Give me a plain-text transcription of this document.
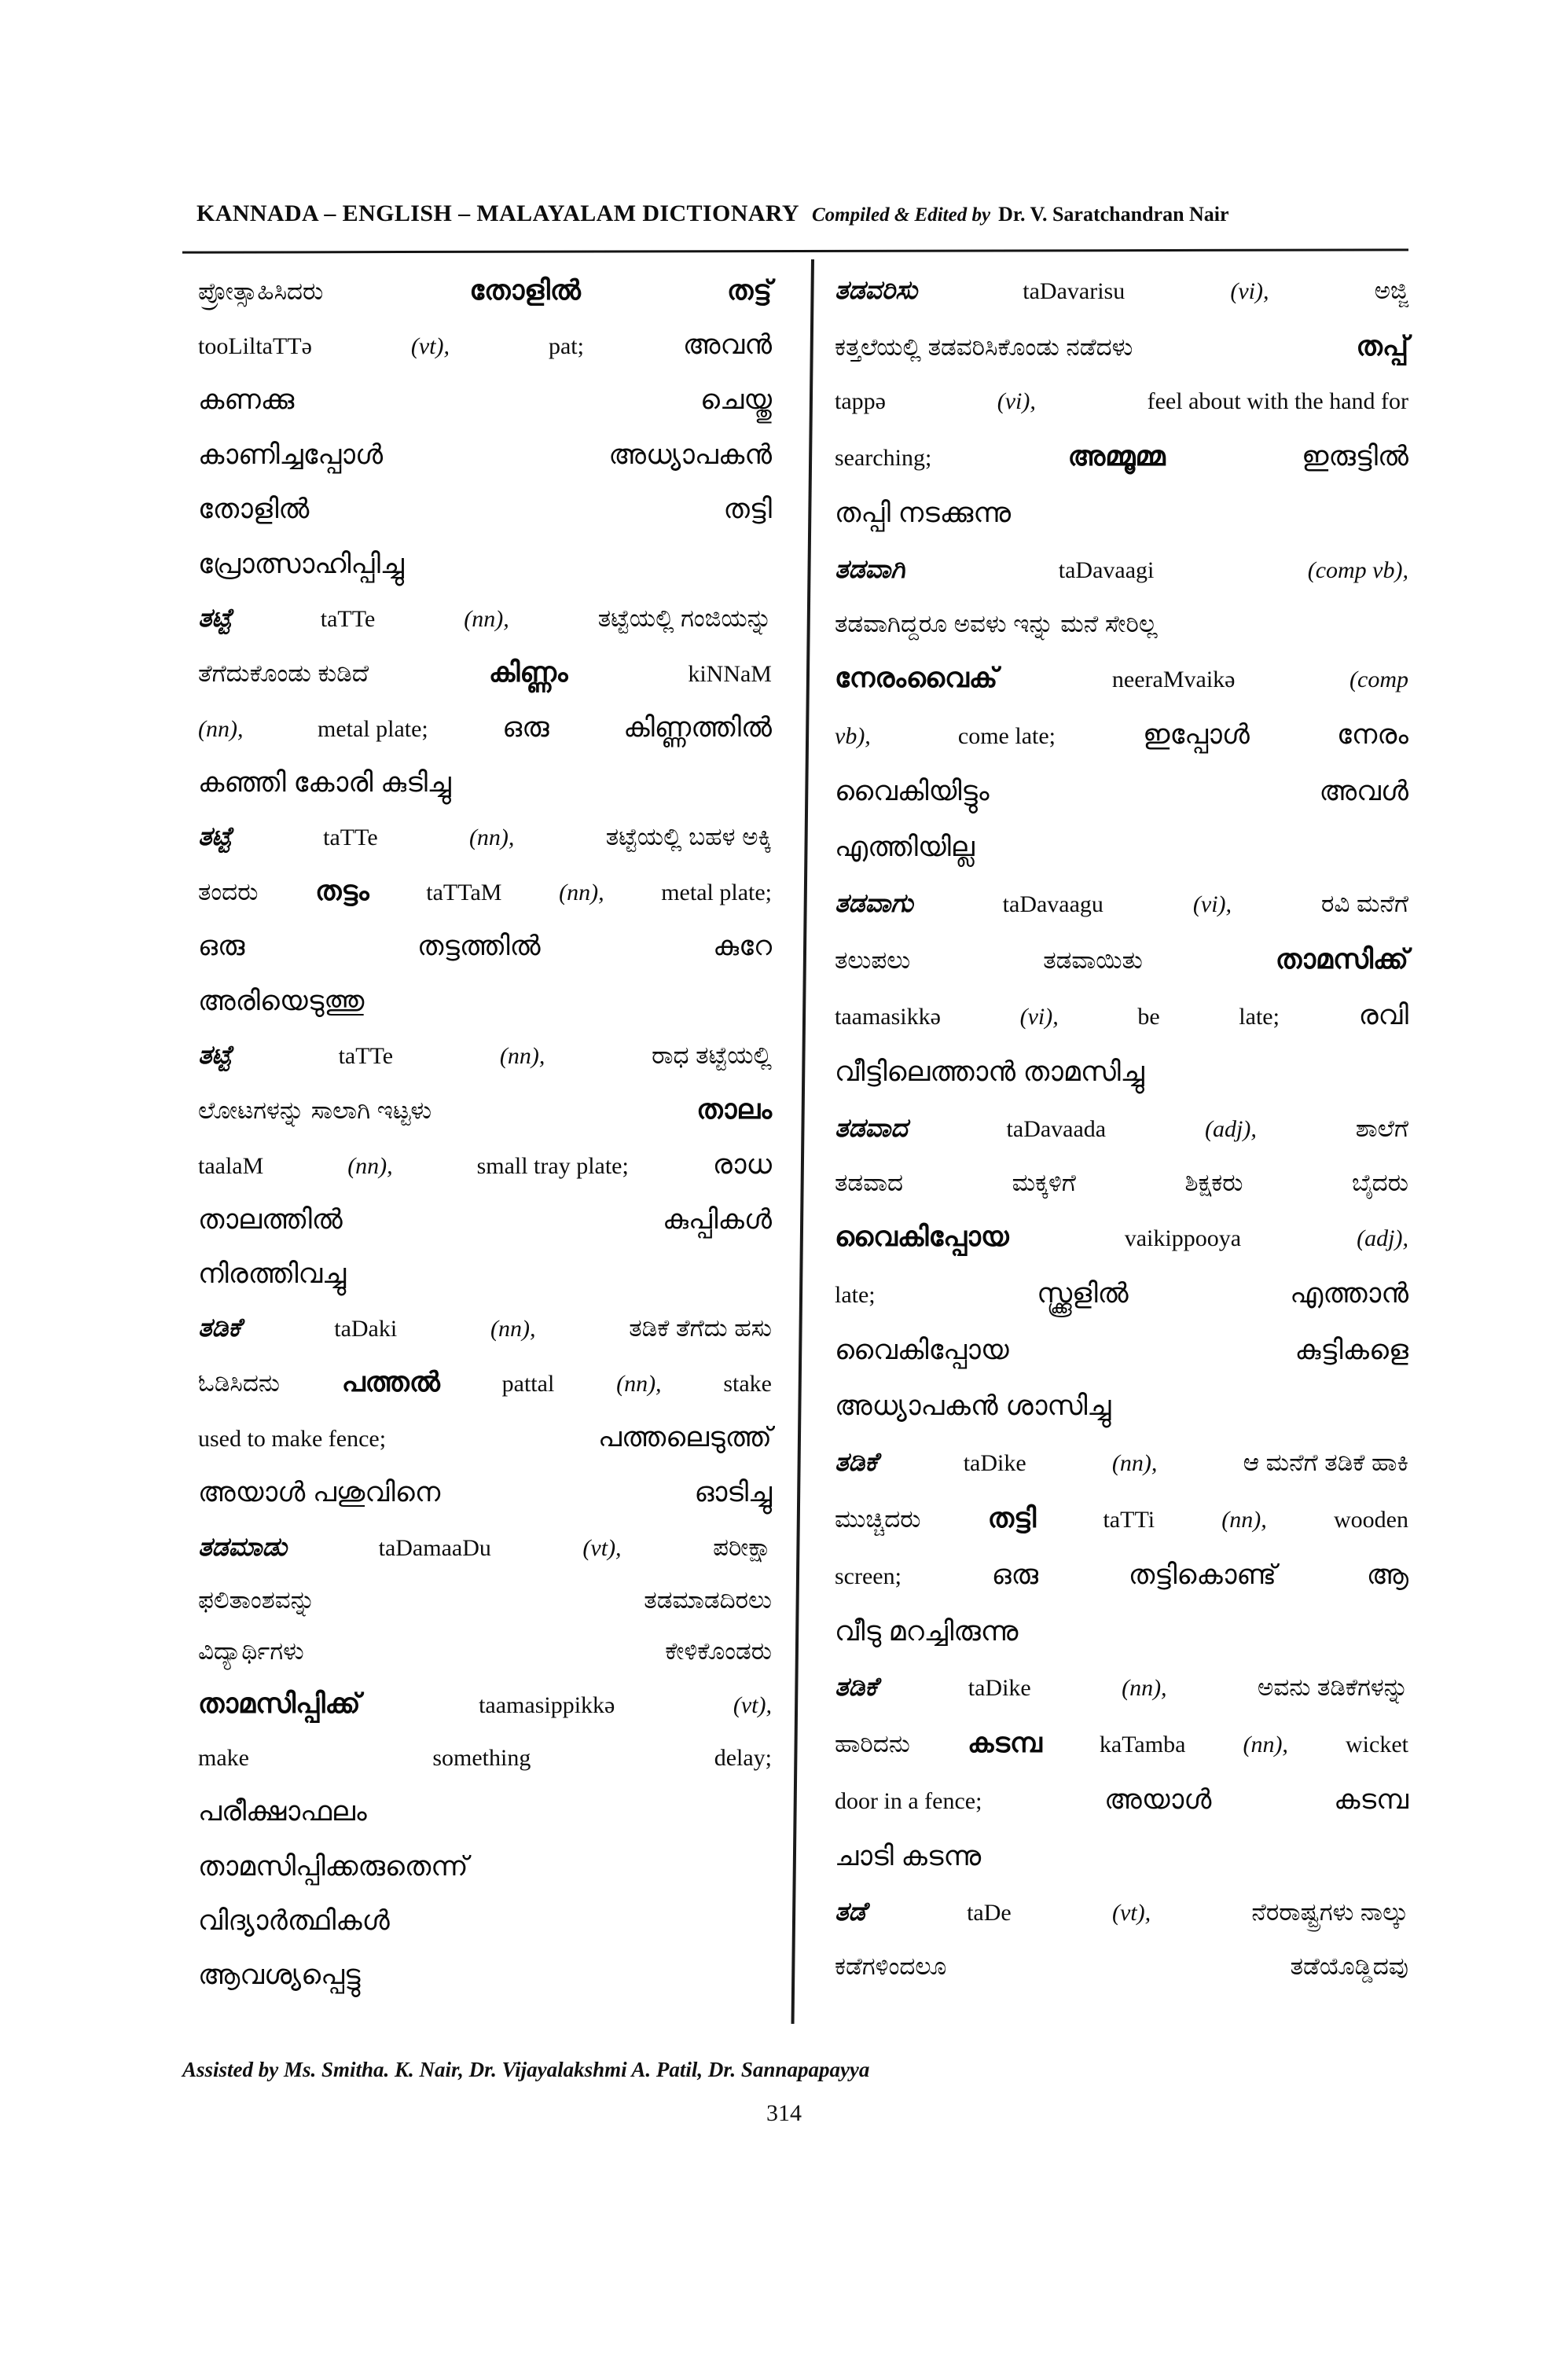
KANNADA – ENGLISH – MALAYALAM DICTIONARY Compiled & Edited by Dr. V. Saratchandran Nair
ಪ್ರೋತ್ಸಾಹಿಸಿದರು	തോളിൽ	തട്ട്
tooLiltaTTə	(vt),	pat;	അവൻ
കണക്കു	ചെയ്തു
കാണിച്ചപ്പോൾ	അധ്യാപകൻ
തോളിൽ	തട്ടി
പ്രോത്സാഹിപ്പിച്ചു
ತಟ್ಟೆ	taTTe	(nn),	ತಟ್ಟೆಯಲ್ಲಿ ಗಂಜಿಯನ್ನು
ತೆಗೆದುಕೊಂಡು ಕುಡಿದೆ	കിണ്ണം	kiNNaM
(nn),	metal plate;	ഒരു	കിണ്ണത്തിൽ
കഞ്ഞി കോരി കുടിച്ചു
ತಟ್ಟೆ	taTTe	(nn),	ತಟ್ಟೆಯಲ್ಲಿ ಬಹಳ ಅಕ್ಕಿ
ತಂದರು തട്ടം taTTaM (nn), metal plate;
ഒരു	തട്ടത്തിൽ	കുറേ
അരിയെടുത്തു
ತಟ್ಟೆ	taTTe	(nn),	ರಾಧ ತಟ್ಟೆಯಲ್ಲಿ
ಲೋಟಗಳನ್ನು ಸಾಲಾಗಿ ಇಟ್ಟಳು	താലം
taalaM	(nn),	small tray plate;	രാധ
താലത്തിൽ	കുപ്പികൾ
നിരത്തിവച്ചു
ತಡಿಕೆ	taDaki	(nn),	ತಡಿಕೆ ತೆಗೆದು ಹಸು
ಓಡಿಸಿದನು പത്തൽ	pattal	(nn),	stake
used to make fence;	പത്തലെടുത്ത്
അയാൾ പശുവിനെ	ഓടിച്ചു
ತಡಮಾಡು	taDamaaDu	(vt),	ಪರೀಕ್ಷಾ
ಫಲಿತಾಂಶವನ್ನು	ತಡಮಾಡದಿರಲು
ವಿದ್ಯಾರ್ಥಿಗಳು	ಕೇಳಿಕೊಂಡರು
താമസിപ്പിക്ക്	taamasippikkə	(vt),
make	something	delay;
പരീക്ഷാഫലം
താമസിപ്പിക്കരുതെന്ന്
വിദ്യാർത്ഥികൾ
ആവശ്യപ്പെട്ടു
ತಡವರಿಸು	taDavarisu	(vi),	ಅಜ್ಜಿ
ಕತ್ತಲೆಯಲ್ಲಿ ತಡವರಿಸಿಕೊಂಡು ನಡೆದಳು	തപ്പ്
tappə	(vi),	feel about with the hand for
searching;	അമ്മൂമ്മ	ഇരുട്ടിൽ
തപ്പി നടക്കുന്നു
ತಡವಾಗಿ	taDavaagi	(comp vb),
ತಡವಾಗಿದ್ದರೂ ಅವಳು ಇನ್ನು ಮನೆ ಸೇರಿಲ್ಲ
നേരംവൈക്	neeraMvaikə	(comp
vb),	come late;	ഇപ്പോൾ	നേരം
വൈകിയിട്ടും	അവൾ
എത്തിയില്ല
ತಡವಾಗು	taDavaagu	(vi),	ರವಿ ಮನೆಗೆ
ತಲುಪಲು	ತಡವಾಯಿತು	താമസിക്ക്
taamasikkə	(vi),	be	late;	രവി
വീട്ടിലെത്താൻ താമസിച്ചു
ತಡವಾದ	taDavaada	(adj),	ಶಾಲೆಗೆ
ತಡವಾದ	ಮಕ್ಕಳಿಗೆ	ಶಿಕ್ಷಕರು	ಬೈದರು
വൈകിപ്പോയ	vaikippooya	(adj),
late;	സ്ക്കൂളിൽ	എത്താൻ
വൈകിപ്പോയ	കുട്ടികളെ
അധ്യാപകൻ ശാസിച്ചു
ತಡಿಕೆ	taDike	(nn),	ಆ ಮನೆಗೆ ತಡಿಕೆ ಹಾಕಿ
ಮುಚ್ಚಿದರು തട്ടി	taTTi	(nn),	wooden
screen;	ഒരു	തട്ടികൊണ്ട്	ആ
വീടു മറച്ചിരുന്നു
ತಡಿಕೆ	taDike	(nn),	ಅವನು ತಡಿಕೆಗಳನ್ನು
ಹಾರಿದನು കടമ്പ kaTamba (nn), wicket
door in a fence;	അയാൾ	കടമ്പ
ചാടി കടന്നു
ತಡೆ	taDe	(vt),	ನೆರರಾಷ್ಟ್ರಗಳು ನಾಲ್ಕು
ಕಡೆಗಳಿಂದಲೂ	ತಡೆಯೊಡ್ಡಿದವು
Assisted by Ms. Smitha. K. Nair, Dr. Vijayalakshmi A. Patil, Dr. Sannapapayya
314
